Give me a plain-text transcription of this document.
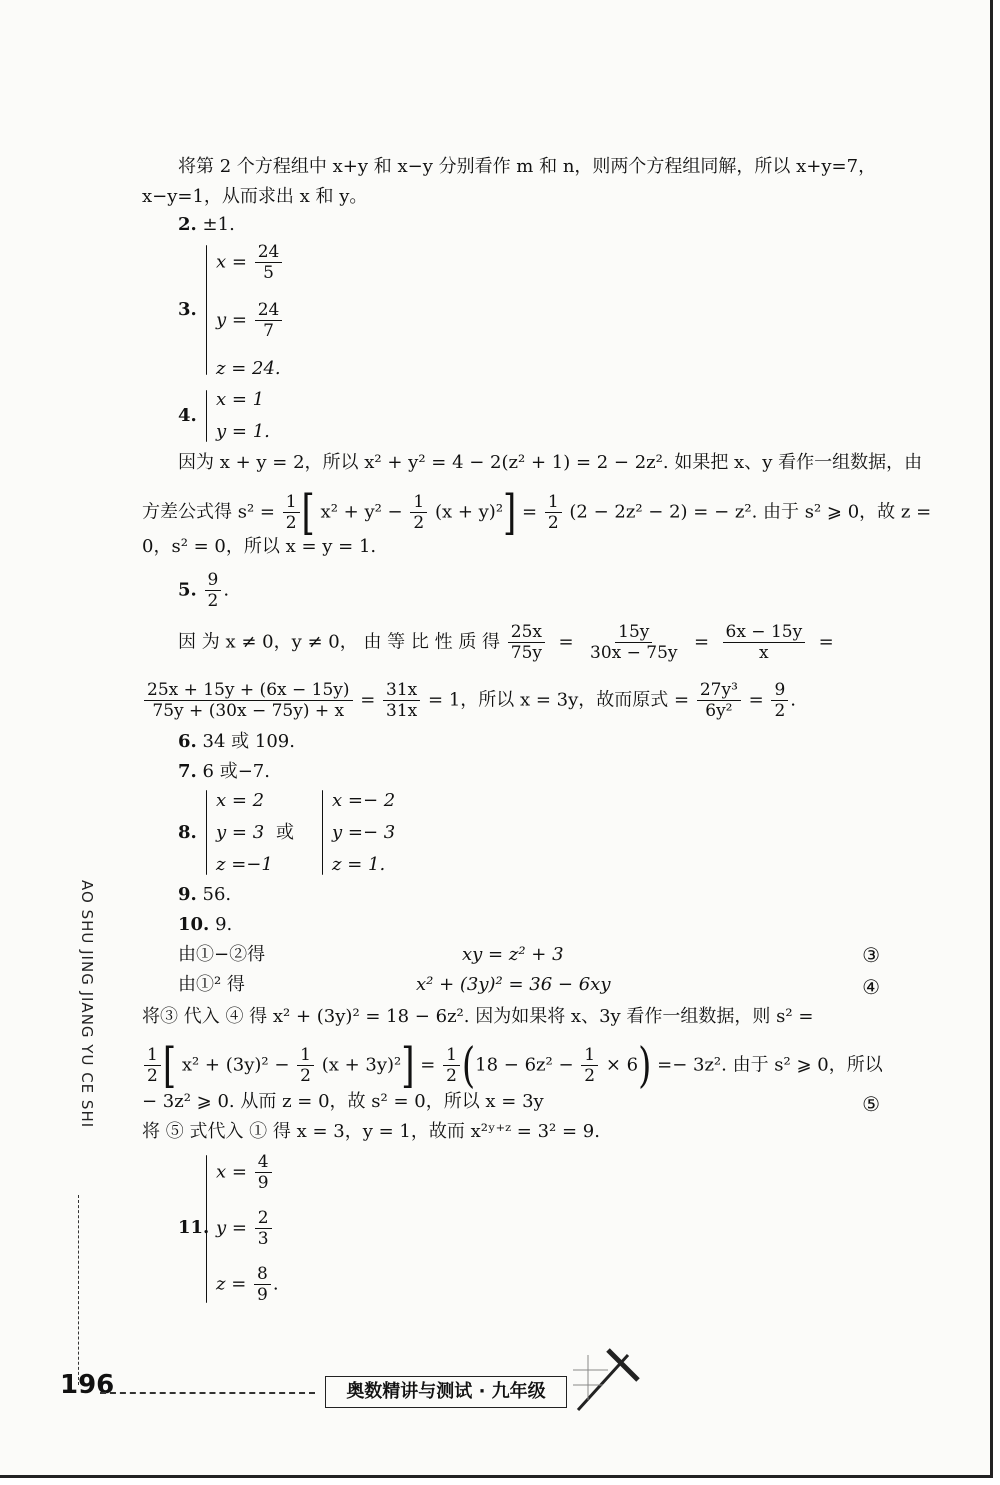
将第 2 个方程组中 x+y 和 x−y 分别看作 m 和 n，则两个方程组同解，所以 x+y=7，
x−y=1，从而求出 x 和 y。
2. ±1.
3.
$x = \frac{24}{5}$
$y = \frac{24}{7}$
z = 24.
4.
x = 1
y = 1.
因为 x + y = 2，所以 x² + y² = 4 − 2(z² + 1) = 2 − 2z². 如果把 x、y 看作一组数据，由
方差公式得 $s^2 = \frac{1}{2}$ [ $x^2 + y^2 - \frac{1}{2} (x + y)^2] = \frac{1}{2} (2 - 2z^2 - 2)$ = − z². 由于 s² ⩾ 0，故 z =
0，s² = 0，所以 x = y = 1.
5. $\frac{9}{2}$ .
因 为 x ≠ 0，y ≠ 0， 由 等 比 性 质 得 $\frac{25x}{75y} = \frac{15y}{30x - 75y} = \frac{6x - 15y}{x}$ =
$\frac{25x + 15y + (6x - 15y)}{75y + (30x - 75y) + x} = \frac{31x}{31x} = 1$，所以 x = 3y，故而原式 = $\frac{\text{27y³}}{\text{6y²}} = \frac{9}{2}$ .
6. 34 或 109.
7. 6 或−7.
8.
x = 2
y = 3
z =−1
或
x =− 2
y =− 3
z = 1.
9. 56.
10. 9.
由①−②得	xy = z² + 3	③
由①² 得	x² + (3y)² = 36 − 6xy	④
将③ 代入 ④ 得 x² + (3y)² = 18 − 6z². 因为如果将 x、3y 看作一组数据，则 s² =
$\frac{1}{2}$ [ $x^2 + (3y)^2 - \frac{1}{2} (x + 3y)^2] = \frac{1}{2} (18 - 6z^2 - \frac{1}{2} \times 6) =- 3z^2$. 由于 s² ⩾ 0，所以
− 3z² ⩾ 0. 从而 z = 0，故 s² = 0，所以 x = 3y	⑤
将 ⑤ 式代入 ① 得 x = 3，y = 1，故而 x²ʸ⁺ᶻ = 3² = 9.
11.
$x = \frac{4}{9}$
$y = \frac{2}{3}$
$z = \frac{8}{9}$ .
AO SHU JING JIANG YU CE SHI
196	奥数精讲与测试 · 九年级
